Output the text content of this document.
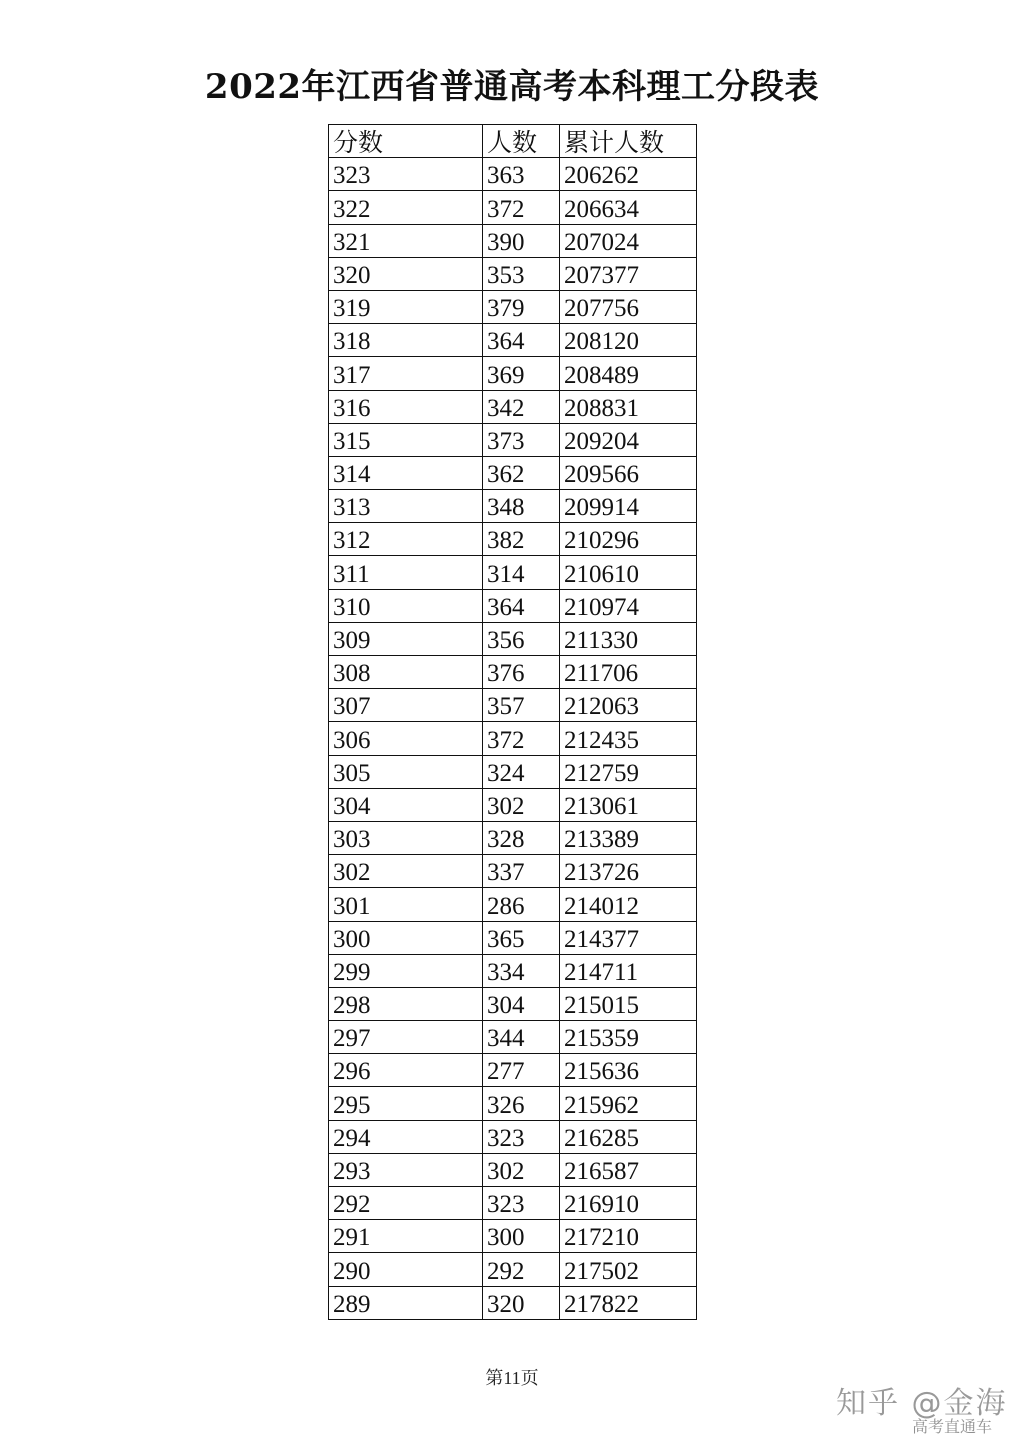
2022年江西省普通高考本科理工分段表
分数	人数	累计人数
323	363	206262
322	372	206634
321	390	207024
320	353	207377
319	379	207756
318	364	208120
317	369	208489
316	342	208831
315	373	209204
314	362	209566
313	348	209914
312	382	210296
311	314	210610
310	364	210974
309	356	211330
308	376	211706
307	357	212063
306	372	212435
305	324	212759
304	302	213061
303	328	213389
302	337	213726
301	286	214012
300	365	214377
299	334	214711
298	304	215015
297	344	215359
296	277	215636
295	326	215962
294	323	216285
293	302	216587
292	323	216910
291	300	217210
290	292	217502
289	320	217822
第11页
知乎 @金海
高考直通车
